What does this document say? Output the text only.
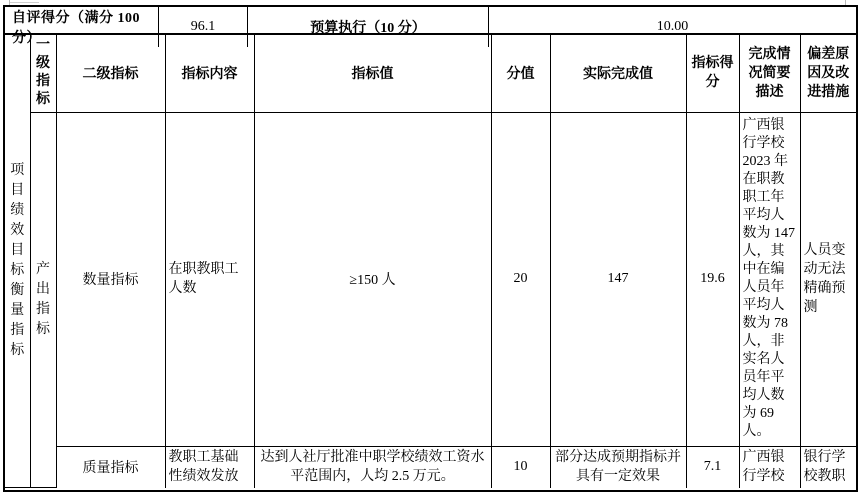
自评得分（满分 100 分）
96.1	预算执行（10 分）	10.00
项目绩效目标衡量指标	一级指标	二级指标	指标内容	指标值	分值	实际完成值	指标得分	完成情况简要描述	偏差原因及改进措施

	产出指标	数量指标	在职教职工人数	≥150 人	20	147	19.6	广西银行学校 2023 年在职教职工年平均人数为 147 人，其中在编人员年平均人数为 78 人，非实名人员年平均人数为 69 人。	人员变动无法精确预测
		质量指标	教职工基础性绩效发放	达到人社厅批准中职学校绩效工资水平范围内，人均 2.5 万元。	10	部分达成预期指标并具有一定效果	7.1	广西银行学校	银行学校教职
